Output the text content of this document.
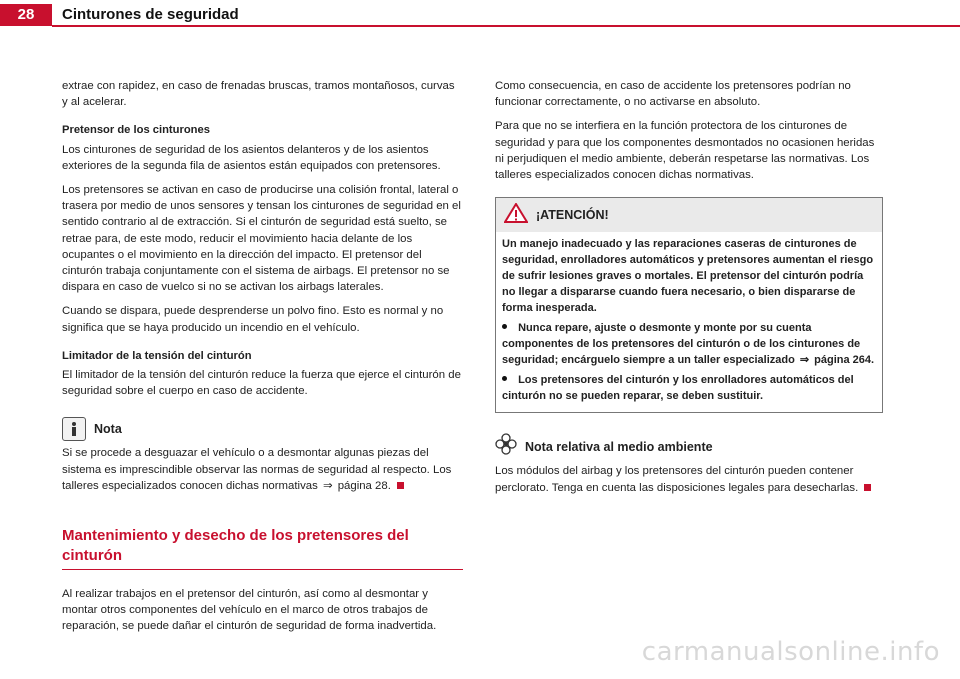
28	Cinturones de seguridad

extrae con rapidez, en caso de frenadas bruscas, tramos montañosos, curvas y al acelerar.

Pretensor de los cinturones

Los cinturones de seguridad de los asientos delanteros y de los asientos exteriores de la segunda fila de asientos están equipados con pretensores.

Los pretensores se activan en caso de producirse una colisión frontal, lateral o trasera por medio de unos sensores y tensan los cinturones de seguridad en el sentido contrario al de extracción. Si el cinturón de seguridad está suelto, se retrae para, de este modo, reducir el movimiento hacia delante de los ocupantes o el movimiento en la dirección del impacto. El pretensor del cinturón trabaja conjuntamente con el sistema de airbags. El pretensor no se dispara en caso de vuelco si no se activan los airbags laterales.

Cuando se dispara, puede desprenderse un polvo fino. Esto es normal y no significa que se haya producido un incendio en el vehículo.

Limitador de la tensión del cinturón

El limitador de la tensión del cinturón reduce la fuerza que ejerce el cinturón de seguridad sobre el cuerpo en caso de accidente.

Nota

Si se procede a desguazar el vehículo o a desmontar algunas piezas del sistema es imprescindible observar las normas de seguridad al respecto. Los talleres especializados conocen dichas normativas ⇒ página 28.

Mantenimiento y desecho de los pretensores del cinturón

Al realizar trabajos en el pretensor del cinturón, así como al desmontar y montar otros componentes del vehículo en el marco de otros trabajos de reparación, se puede dañar el cinturón de seguridad de forma inadvertida.

Como consecuencia, en caso de accidente los pretensores podrían no funcionar correctamente, o no activarse en absoluto.

Para que no se interfiera en la función protectora de los cinturones de seguridad y para que los componentes desmontados no ocasionen heridas ni perjudiquen el medio ambiente, deberán respetarse las normativas. Los talleres especializados conocen dichas normativas.

¡ATENCIÓN!

Un manejo inadecuado y las reparaciones caseras de cinturones de seguridad, enrolladores automáticos y pretensores aumentan el riesgo de sufrir lesiones graves o mortales. El pretensor del cinturón podría no llegar a dispararse cuando fuera necesario, o bien dispararse de forma inesperada.

Nunca repare, ajuste o desmonte y monte por su cuenta componentes de los pretensores del cinturón o de los cinturones de seguridad; encárguelo siempre a un taller especializado ⇒ página 264.

Los pretensores del cinturón y los enrolladores automáticos del cinturón no se pueden reparar, se deben sustituir.

Nota relativa al medio ambiente

Los módulos del airbag y los pretensores del cinturón pueden contener perclorato. Tenga en cuenta las disposiciones legales para desecharlas.

carmanualsonline.info
